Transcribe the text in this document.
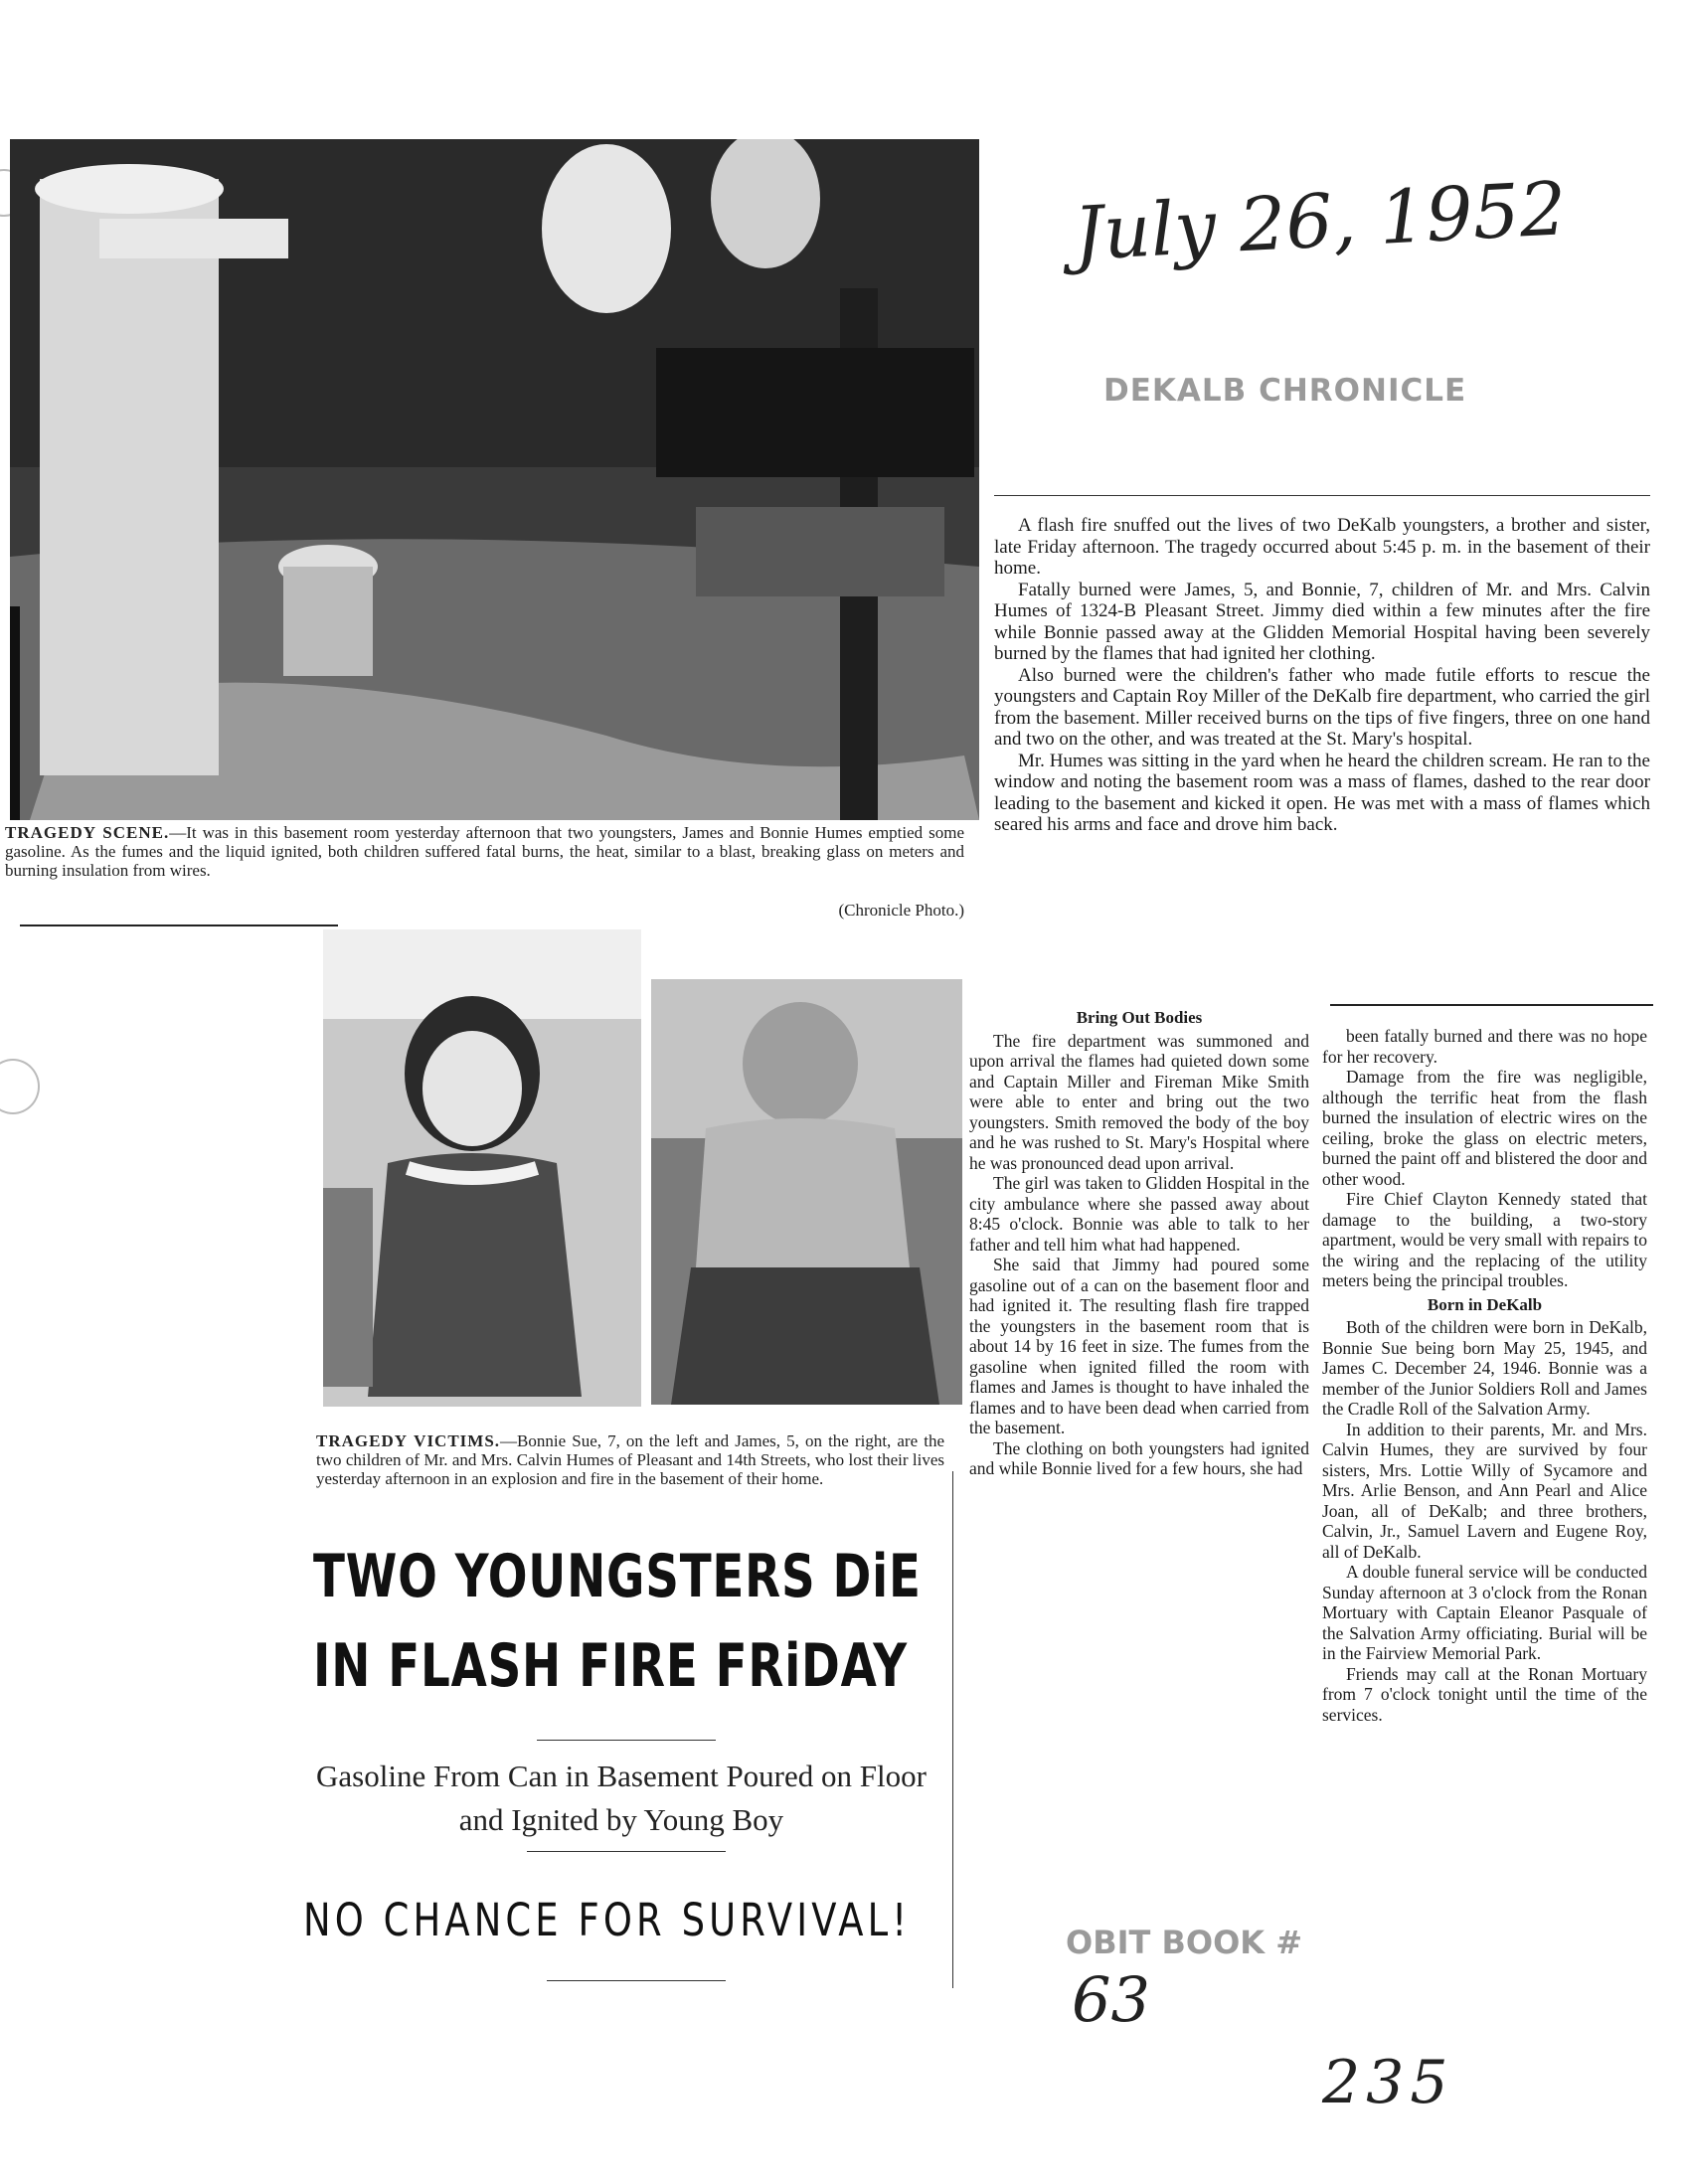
July 26, 1952
DEKALB CHRONICLE
TRAGEDY SCENE.—It was in this basement room yesterday afternoon that two youngsters, James and Bonnie Humes emptied some gasoline. As the fumes and the liquid ignited, both children suffered fatal burns, the heat, similar to a blast, breaking glass on meters and burning insulation from wires.
(Chronicle Photo.)
TRAGEDY VICTIMS.—Bonnie Sue, 7, on the left and James, 5, on the right, are the two children of Mr. and Mrs. Calvin Humes of Pleasant and 14th Streets, who lost their lives yesterday afternoon in an explosion and fire in the basement of their home.
TWO YOUNGSTERS DiE
IN FLASH FIRE FRiDAY
Gasoline From Can in Basement Poured on Floor and Ignited by Young Boy
NO CHANCE FOR SURVIVAL!

A flash fire snuffed out the lives of two DeKalb youngsters, a brother and sister, late Friday afternoon. The tragedy occurred about 5:45 p. m. in the basement of their home.

Fatally burned were James, 5, and Bonnie, 7, children of Mr. and Mrs. Calvin Humes of 1324-B Pleasant Street. Jimmy died within a few minutes after the fire while Bonnie passed away at the Glidden Memorial Hospital having been severely burned by the flames that had ignited her clothing.

Also burned were the children's father who made futile efforts to rescue the youngsters and Captain Roy Miller of the DeKalb fire department, who carried the girl from the basement. Miller received burns on the tips of five fingers, three on one hand and two on the other, and was treated at the St. Mary's hospital.

Mr. Humes was sitting in the yard when he heard the children scream. He ran to the window and noting the basement room was a mass of flames, dashed to the rear door leading to the basement and kicked it open. He was met with a mass of flames which seared his arms and face and drove him back.

Bring Out Bodies

The fire department was summoned and upon arrival the flames had quieted down some and Captain Miller and Fireman Mike Smith were able to enter and bring out the two youngsters. Smith removed the body of the boy and he was rushed to St. Mary's Hospital where he was pronounced dead upon arrival.

The girl was taken to Glidden Hospital in the city ambulance where she passed away about 8:45 o'clock. Bonnie was able to talk to her father and tell him what had happened.

She said that Jimmy had poured some gasoline out of a can on the basement floor and had ignited it. The resulting flash fire trapped the youngsters in the basement room that is about 14 by 16 feet in size. The fumes from the gasoline when ignited filled the room with flames and James is thought to have inhaled the flames and to have been dead when carried from the basement.

The clothing on both youngsters had ignited and while Bonnie lived for a few hours, she had

been fatally burned and there was no hope for her recovery.

Damage from the fire was negligible, although the terrific heat from the flash burned the insulation of electric wires on the ceiling, broke the glass on electric meters, burned the paint off and blistered the door and other wood.

Fire Chief Clayton Kennedy stated that damage to the building, a two-story apartment, would be very small with repairs to the wiring and the replacing of the utility meters being the principal troubles.

Born in DeKalb

Both of the children were born in DeKalb, Bonnie Sue being born May 25, 1945, and James C. December 24, 1946. Bonnie was a member of the Junior Soldiers Roll and James the Cradle Roll of the Salvation Army.

In addition to their parents, Mr. and Mrs. Calvin Humes, they are survived by four sisters, Mrs. Lottie Willy of Sycamore and Mrs. Arlie Benson, and Ann Pearl and Alice Joan, all of DeKalb; and three brothers, Calvin, Jr., Samuel Lavern and Eugene Roy, all of DeKalb.

A double funeral service will be conducted Sunday afternoon at 3 o'clock from the Ronan Mortuary with Captain Eleanor Pasquale of the Salvation Army officiating. Burial will be in the Fairview Memorial Park.

Friends may call at the Ronan Mortuary from 7 o'clock tonight until the time of the services.

OBIT BOOK #
63
235
